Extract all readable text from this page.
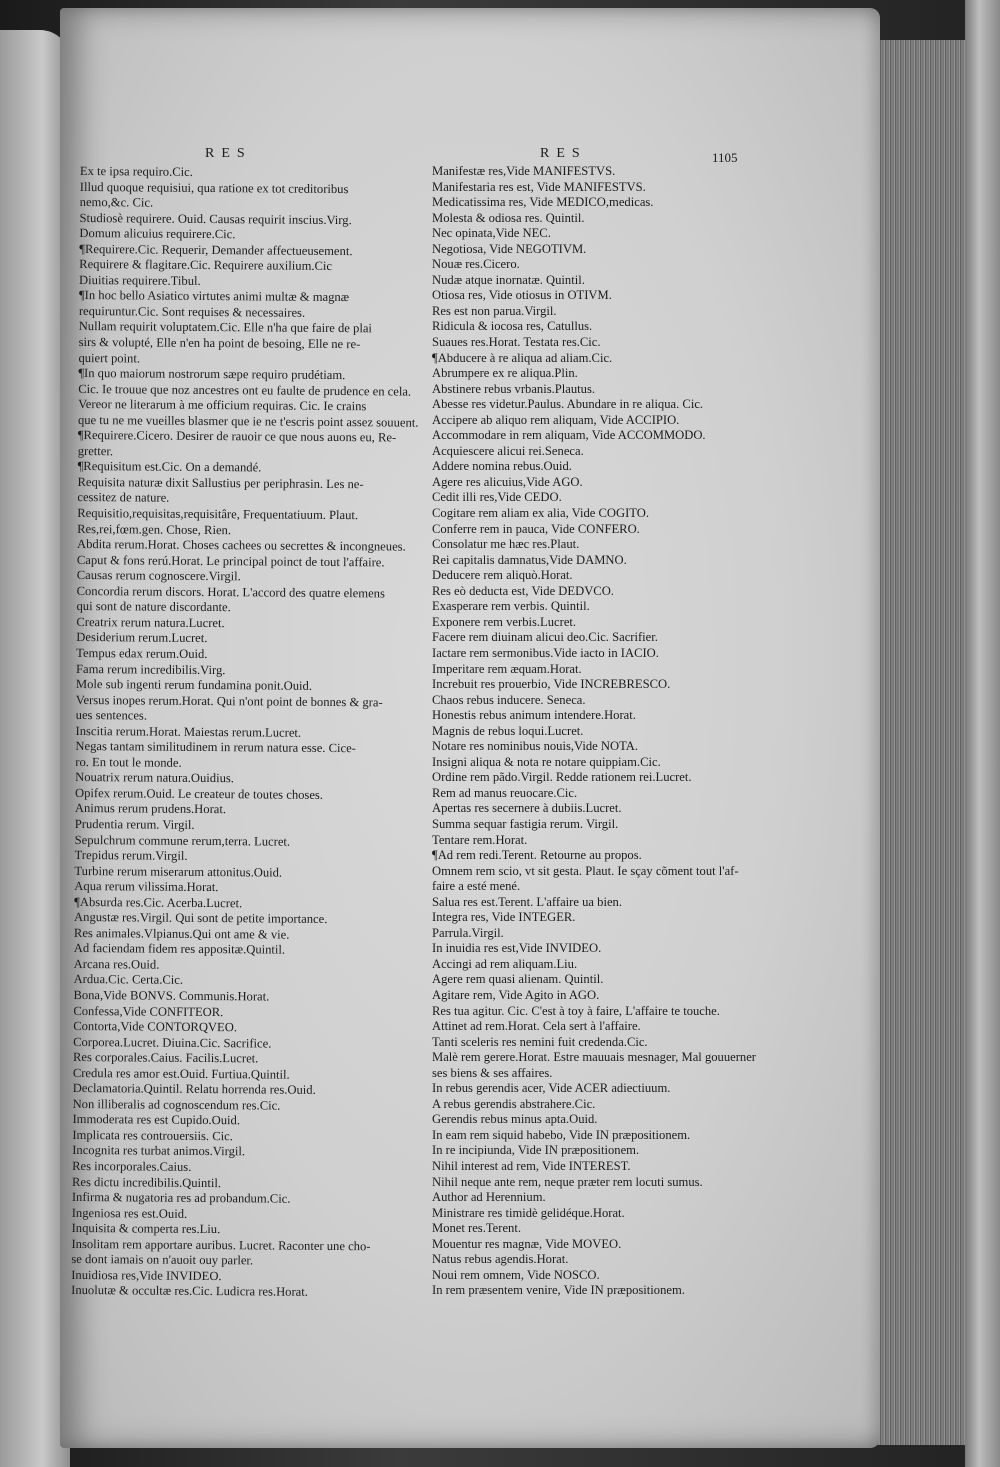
RES	RES	1105
Ex te ipsa requiro.Cic.
Illud quoque requisiui, qua ratione ex tot creditoribus
nemo,&c. Cic.
Studiosè requirere. Ouid. Causas requirit inscius.Virg.
Domum alicuius requirere.Cic.
¶Requirere.Cic. Requerir, Demander affectueusement.
Requirere & flagitare.Cic. Requirere auxilium.Cic
Diuitias requirere.Tibul.
¶In hoc bello Asiatico virtutes animi multæ & magnæ
requiruntur.Cic. Sont requises & necessaires.
Nullam requirit voluptatem.Cic. Elle n'ha que faire de plai
sirs & volupté, Elle n'en ha point de besoing, Elle ne re-
quiert point.
¶In quo maiorum nostrorum sæpe requiro prudétiam.
Cic. Ie trouue que noz ancestres ont eu faulte de prudence en cela.
Vereor ne literarum à me officium requiras. Cic. Ie crains
que tu ne me vueilles blasmer que ie ne t'escris point assez souuent.
¶Requirere.Cicero. Desirer de rauoir ce que nous auons eu, Re-
gretter.
¶Requisitum est.Cic. On a demandé.
Requisita naturæ dixit Sallustius per periphrasin. Les ne-
cessitez de nature.
Requisitio,requisitas,requisitâre, Frequentatiuum. Plaut.
Res,rei,fœm.gen. Chose, Rien.
Abdita rerum.Horat. Choses cachees ou secrettes & incongneues.
Caput & fons rerú.Horat. Le principal poinct de tout l'affaire.
Causas rerum cognoscere.Virgil.
Concordia rerum discors. Horat. L'accord des quatre elemens
qui sont de nature discordante.
Creatrix rerum natura.Lucret.
Desiderium rerum.Lucret.
Tempus edax rerum.Ouid.
Fama rerum incredibilis.Virg.
Mole sub ingenti rerum fundamina ponit.Ouid.
Versus inopes rerum.Horat. Qui n'ont point de bonnes & gra-
ues sentences.
Inscitia rerum.Horat. Maiestas rerum.Lucret.
Negas tantam similitudinem in rerum natura esse. Cice-
ro. En tout le monde.
Nouatrix rerum natura.Ouidius.
Opifex rerum.Ouid. Le createur de toutes choses.
Animus rerum prudens.Horat.
Prudentia rerum. Virgil.
Sepulchrum commune rerum,terra. Lucret.
Trepidus rerum.Virgil.
Turbine rerum miserarum attonitus.Ouid.
Aqua rerum vilissima.Horat.
¶Absurda res.Cic. Acerba.Lucret.
Angustæ res.Virgil. Qui sont de petite importance.
Res animales.Vlpianus.Qui ont ame & vie.
Ad faciendam fidem res appositæ.Quintil.
Arcana res.Ouid.
Ardua.Cic. Certa.Cic.
Bona,Vide BONVS. Communis.Horat.
Confessa,Vide CONFITEOR.
Contorta,Vide CONTORQVEO.
Corporea.Lucret. Diuina.Cic. Sacrifice.
Res corporales.Caius. Facilis.Lucret.
Credula res amor est.Ouid. Furtiua.Quintil.
Declamatoria.Quintil. Relatu horrenda res.Ouid.
Non illiberalis ad cognoscendum res.Cic.
Immoderata res est Cupido.Ouid.
Implicata res controuersiis. Cic.
Incognita res turbat animos.Virgil.
Res incorporales.Caius.
Res dictu incredibilis.Quintil.
Infirma & nugatoria res ad probandum.Cic.
Ingeniosa res est.Ouid.
Inquisita & comperta res.Liu.
Insolitam rem apportare auribus. Lucret. Raconter une cho-
se dont iamais on n'auoit ouy parler.
Inuidiosa res,Vide INVIDEO.
Inuolutæ & occultæ res.Cic. Ludicra res.Horat.
Manifestæ res,Vide MANIFESTVS.
Manifestaria res est, Vide MANIFESTVS.
Medicatissima res, Vide MEDICO,medicas.
Molesta & odiosa res. Quintil.
Nec opinata,Vide NEC.
Negotiosa, Vide NEGOTIVM.
Nouæ res.Cicero.
Nudæ atque inornatæ. Quintil.
Otiosa res, Vide otiosus in OTIVM.
Res est non parua.Virgil.
Ridicula & iocosa res, Catullus.
Suaues res.Horat. Testata res.Cic.
¶Abducere à re aliqua ad aliam.Cic.
Abrumpere ex re aliqua.Plin.
Abstinere rebus vrbanis.Plautus.
Abesse res videtur.Paulus. Abundare in re aliqua. Cic.
Accipere ab aliquo rem aliquam, Vide ACCIPIO.
Accommodare in rem aliquam, Vide ACCOMMODO.
Acquiescere alicui rei.Seneca.
Addere nomina rebus.Ouid.
Agere res alicuius,Vide AGO.
Cedit illi res,Vide CEDO.
Cogitare rem aliam ex alia, Vide COGITO.
Conferre rem in pauca, Vide CONFERO.
Consolatur me hæc res.Plaut.
Rei capitalis damnatus,Vide DAMNO.
Deducere rem aliquò.Horat.
Res eò deducta est, Vide DEDVCO.
Exasperare rem verbis. Quintil.
Exponere rem verbis.Lucret.
Facere rem diuinam alicui deo.Cic. Sacrifier.
Iactare rem sermonibus.Vide iacto in IACIO.
Imperitare rem æquam.Horat.
Increbuit res prouerbio, Vide INCREBRESCO.
Chaos rebus inducere. Seneca.
Honestis rebus animum intendere.Horat.
Magnis de rebus loqui.Lucret.
Notare res nominibus nouis,Vide NOTA.
Insigni aliqua & nota re notare quippiam.Cic.
Ordine rem pãdo.Virgil. Redde rationem rei.Lucret.
Rem ad manus reuocare.Cic.
Apertas res secernere à dubiis.Lucret.
Summa sequar fastigia rerum. Virgil.
Tentare rem.Horat.
¶Ad rem redi.Terent. Retourne au propos.
Omnem rem scio, vt sit gesta. Plaut. Ie sçay cõment tout l'af-
faire a esté mené.
Salua res est.Terent. L'affaire ua bien.
Integra res, Vide INTEGER.
Parrula.Virgil.
In inuidia res est,Vide INVIDEO.
Accingi ad rem aliquam.Liu.
Agere rem quasi alienam. Quintil.
Agitare rem, Vide Agito in AGO.
Res tua agitur. Cic. C'est à toy à faire, L'affaire te touche.
Attinet ad rem.Horat. Cela sert à l'affaire.
Tanti sceleris res nemini fuit credenda.Cic.
Malè rem gerere.Horat. Estre mauuais mesnager, Mal gouuerner
ses biens & ses affaires.
In rebus gerendis acer, Vide ACER adiectiuum.
A rebus gerendis abstrahere.Cic.
Gerendis rebus minus apta.Ouid.
In eam rem siquid habebo, Vide IN præpositionem.
In re incipiunda, Vide IN præpositionem.
Nihil interest ad rem, Vide INTEREST.
Nihil neque ante rem, neque præter rem locuti sumus.
Author ad Herennium.
Ministrare res timidè gelidéque.Horat.
Monet res.Terent.
Mouentur res magnæ, Vide MOVEO.
Natus rebus agendis.Horat.
Noui rem omnem, Vide NOSCO.
In rem præsentem venire, Vide IN præpositionem.
